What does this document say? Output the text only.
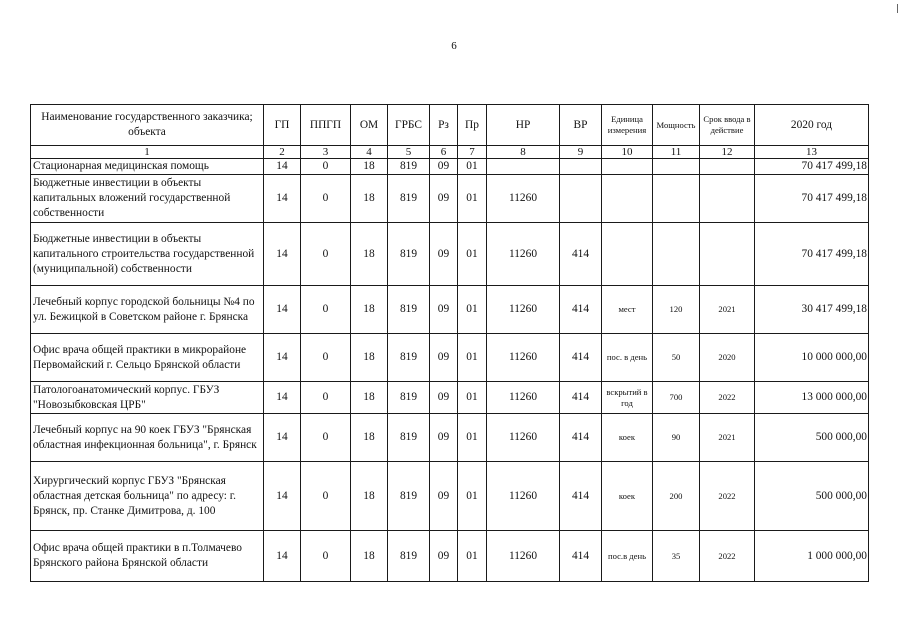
6
Наименование государственного заказчика; объекта	ГП	ППГП	ОМ	ГРБС	Рз	Пр	НР	ВР	Единица измерения	Мощность	Срок ввода в действие	2020 год
1	2	3	4	5	6	7	8	9	10	11	12	13
Стационарная медицинская помощь	14	0	18	819	09	01						70 417 499,18
Бюджетные инвестиции в объекты капитальных вложений государственной собственности	14	0	18	819	09	01	11260					70 417 499,18
Бюджетные инвестиции в объекты капитального строительства государственной (муниципальной) собственности	14	0	18	819	09	01	11260	414				70 417 499,18
Лечебный корпус городской больницы №4 по ул. Бежицкой в Советском районе г. Брянска	14	0	18	819	09	01	11260	414	мест	120	2021	30 417 499,18
Офис врача общей практики в микрорайоне Первомайский г. Сельцо Брянской области	14	0	18	819	09	01	11260	414	пос. в день	50	2020	10 000 000,00
Патологоанатомический корпус. ГБУЗ "Новозыбковская ЦРБ"	14	0	18	819	09	01	11260	414	вскрытий в год	700	2022	13 000 000,00
Лечебный корпус на 90 коек ГБУЗ "Брянская областная инфекционная больница", г. Брянск	14	0	18	819	09	01	11260	414	коек	90	2021	500 000,00
Хирургический корпус ГБУЗ "Брянская областная детская больница" по адресу: г. Брянск, пр. Станке Димитрова, д. 100	14	0	18	819	09	01	11260	414	коек	200	2022	500 000,00
Офис врача общей практики в п.Толмачево Брянского района Брянской области	14	0	18	819	09	01	11260	414	пос.в день	35	2022	1 000 000,00
